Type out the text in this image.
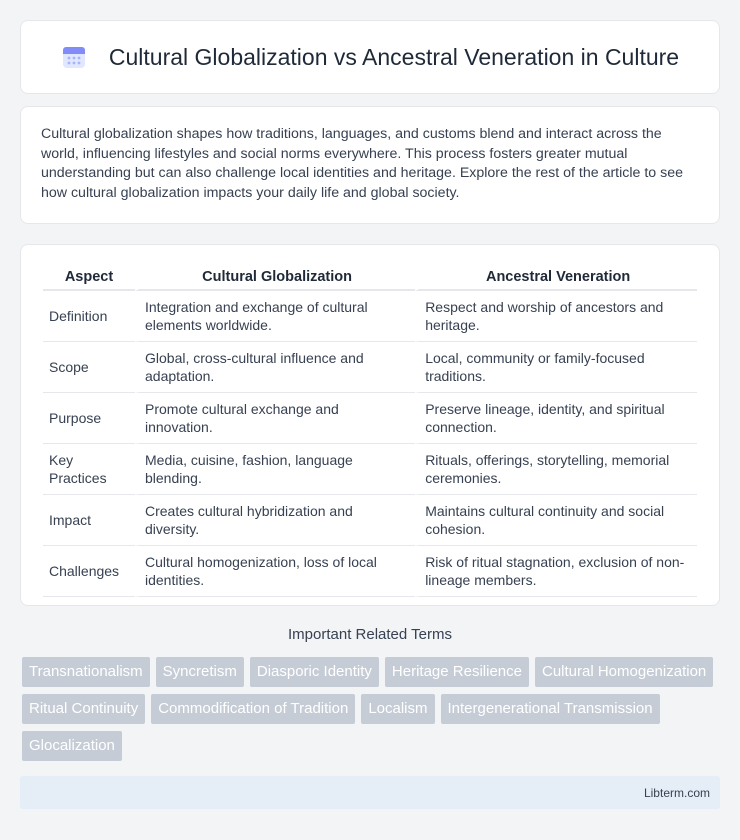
Cultural Globalization vs Ancestral Veneration in Culture

Cultural globalization shapes how traditions, languages, and customs blend and interact across the world, influencing lifestyles and social norms everywhere. This process fosters greater mutual understanding but can also challenge local identities and heritage. Explore the rest of the article to see how cultural globalization impacts your daily life and global society.

Aspect	Cultural Globalization	Ancestral Veneration
Definition	Integration and exchange of cultural elements worldwide.	Respect and worship of ancestors and heritage.
Scope	Global, cross-cultural influence and adaptation.	Local, community or family-focused traditions.
Purpose	Promote cultural exchange and innovation.	Preserve lineage, identity, and spiritual connection.
Key Practices	Media, cuisine, fashion, language blending.	Rituals, offerings, storytelling, memorial ceremonies.
Impact	Creates cultural hybridization and diversity.	Maintains cultural continuity and social cohesion.
Challenges	Cultural homogenization, loss of local identities.	Risk of ritual stagnation, exclusion of non-lineage members.
Important Related Terms
Transnationalism	Syncretism	Diasporic Identity	Heritage Resilience	Cultural Homogenization
Ritual Continuity	Commodification of Tradition	Localism	Intergenerational Transmission
Glocalization
Libterm.com
